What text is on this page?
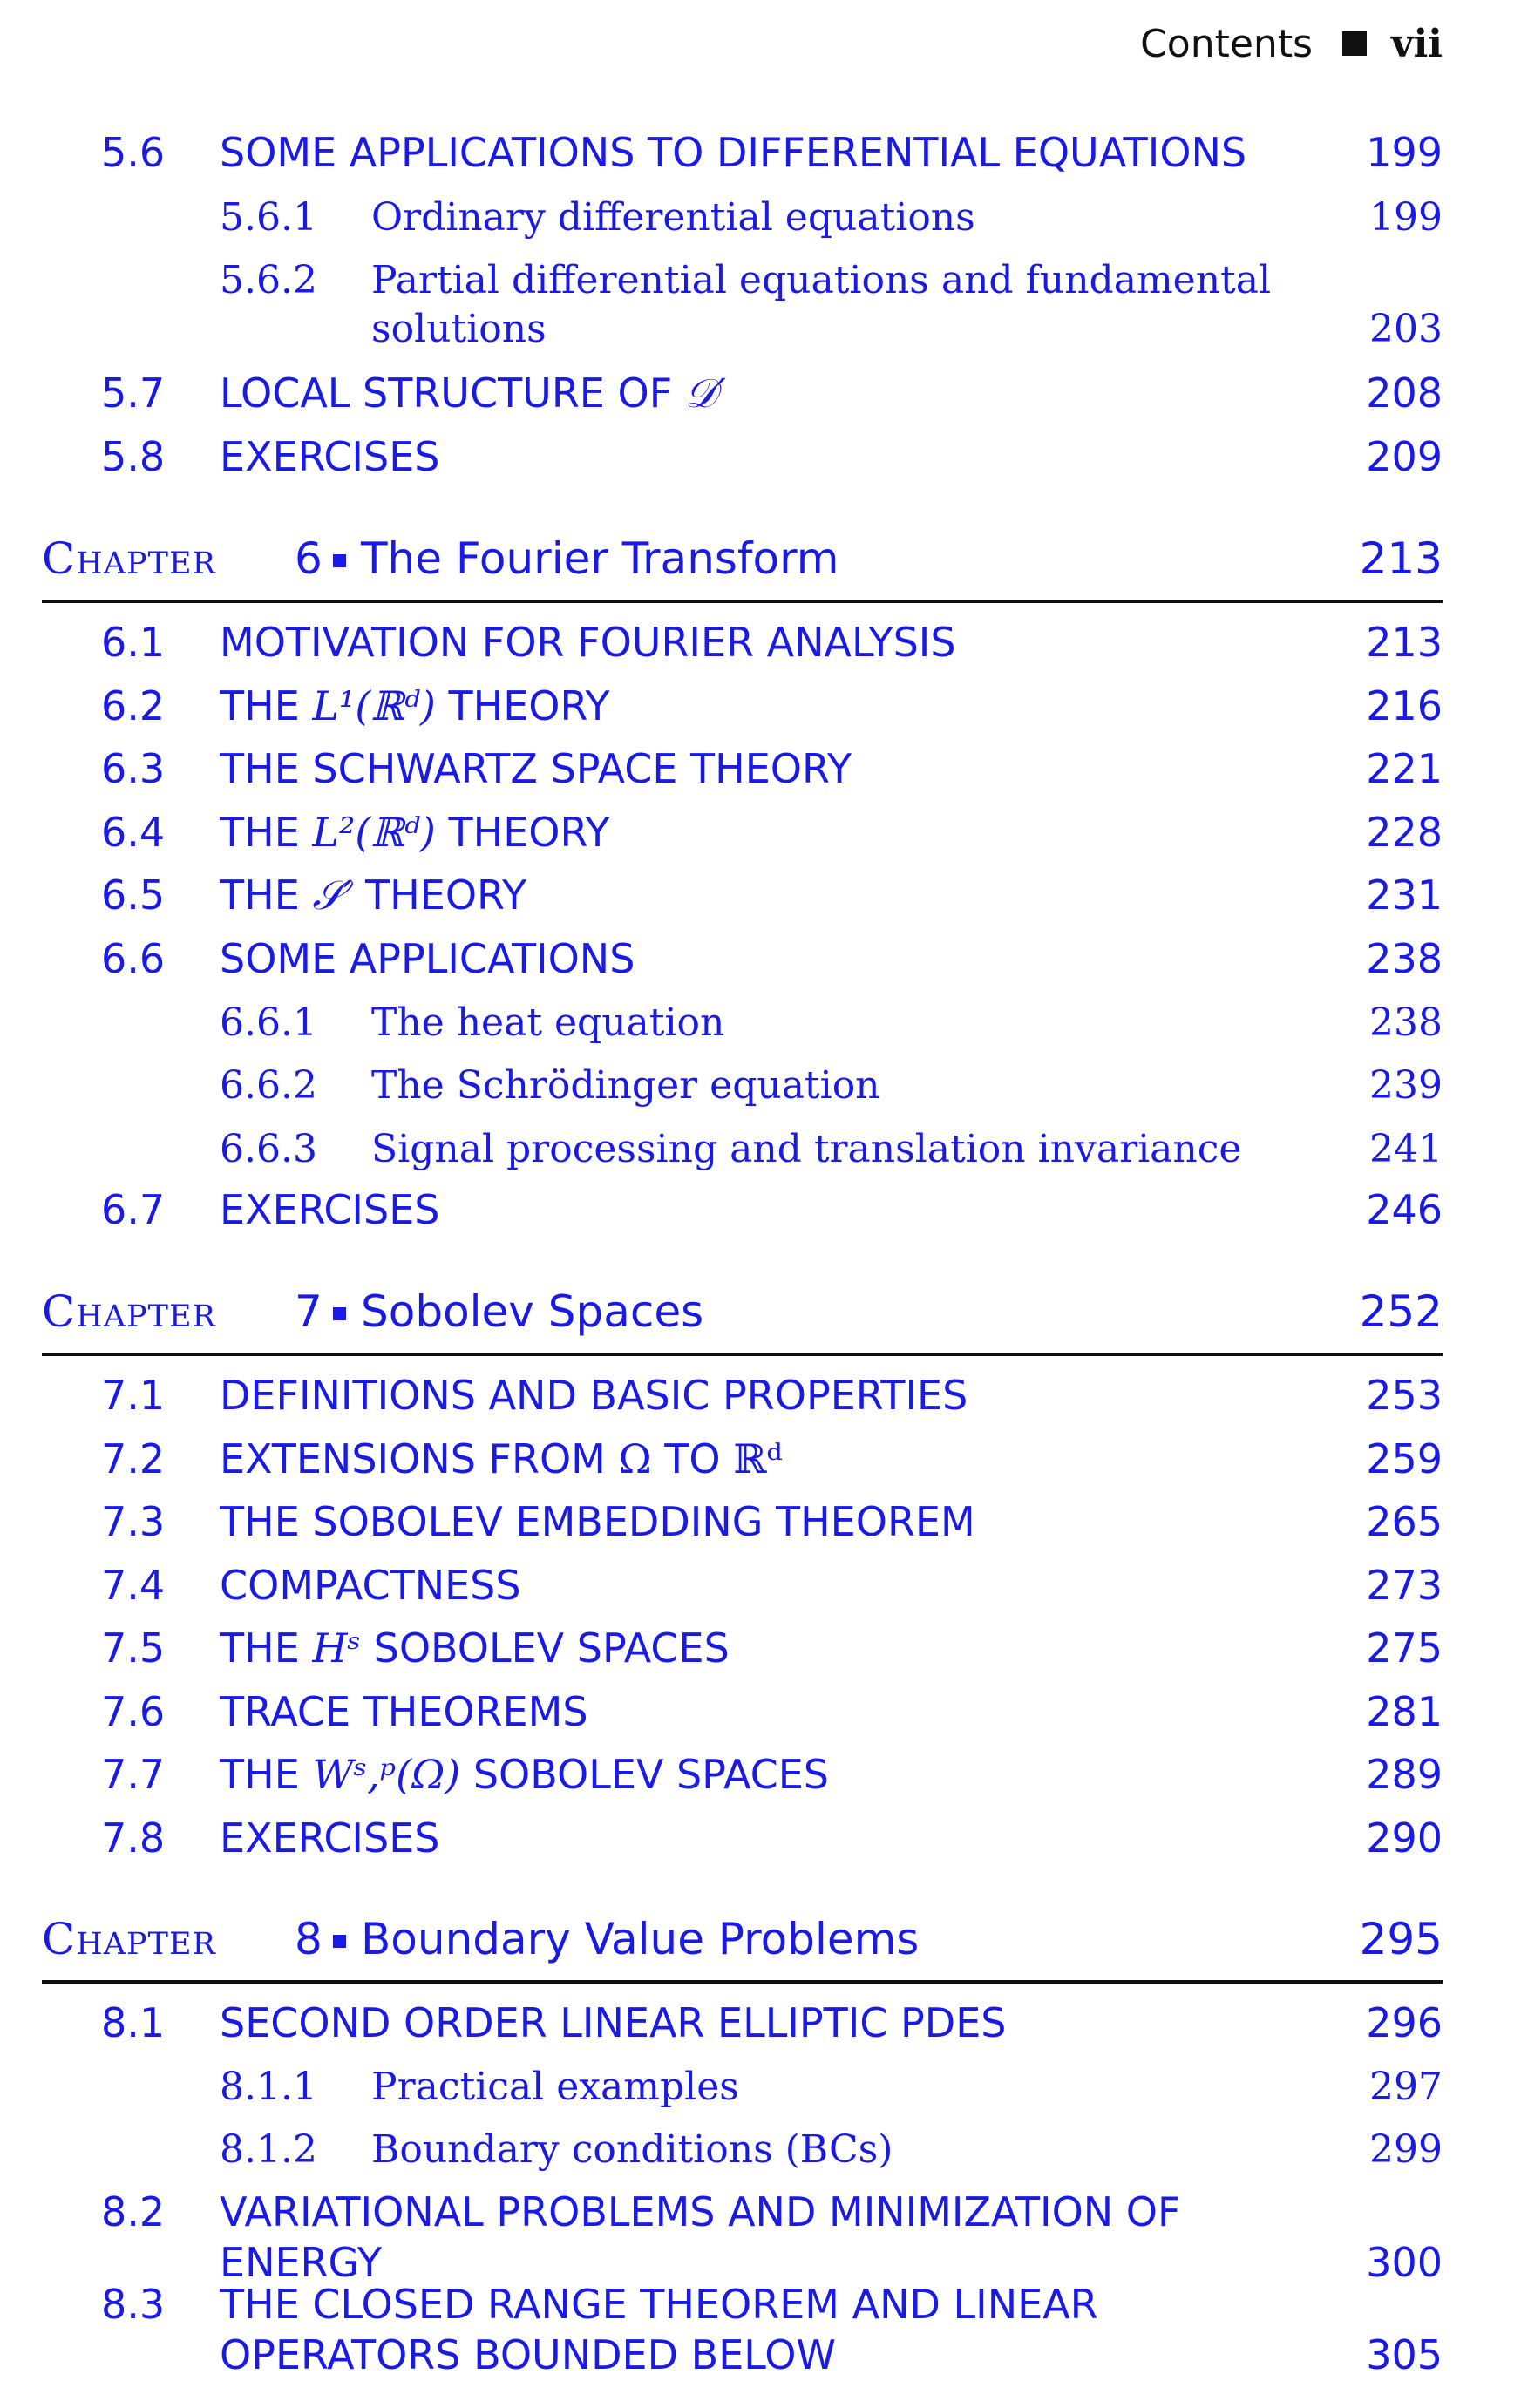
Contents vii
5.6 SOME APPLICATIONS TO DIFFERENTIAL EQUATIONS	199
5.6.1 Ordinary differential equations	199
5.6.2 Partial differential equations and fundamental
solutions	203
5.7 LOCAL STRUCTURE OF 𝒟′	208
5.8 EXERCISES	209
Chapter 6 The Fourier Transform	213
6.1 MOTIVATION FOR FOURIER ANALYSIS	213
6.2 THE L¹(ℝᵈ) THEORY	216
6.3 THE SCHWARTZ SPACE THEORY	221
6.4 THE L²(ℝᵈ) THEORY	228
6.5 THE 𝒮′ THEORY	231
6.6 SOME APPLICATIONS	238
6.6.1 The heat equation	238
6.6.2 The Schrödinger equation	239
6.6.3 Signal processing and translation invariance	241
6.7 EXERCISES	246
Chapter 7 Sobolev Spaces	252
7.1 DEFINITIONS AND BASIC PROPERTIES	253
7.2 EXTENSIONS FROM Ω TO ℝᵈ	259
7.3 THE SOBOLEV EMBEDDING THEOREM	265
7.4 COMPACTNESS	273
7.5 THE Hˢ SOBOLEV SPACES	275
7.6 TRACE THEOREMS	281
7.7 THE Wˢ,ᵖ(Ω) SOBOLEV SPACES	289
7.8 EXERCISES	290
Chapter 8 Boundary Value Problems	295
8.1 SECOND ORDER LINEAR ELLIPTIC PDES	296
8.1.1 Practical examples	297
8.1.2 Boundary conditions (BCs)	299
8.2 VARIATIONAL PROBLEMS AND MINIMIZATION OF
ENERGY	300
8.3 THE CLOSED RANGE THEOREM AND LINEAR
OPERATORS BOUNDED BELOW	305
